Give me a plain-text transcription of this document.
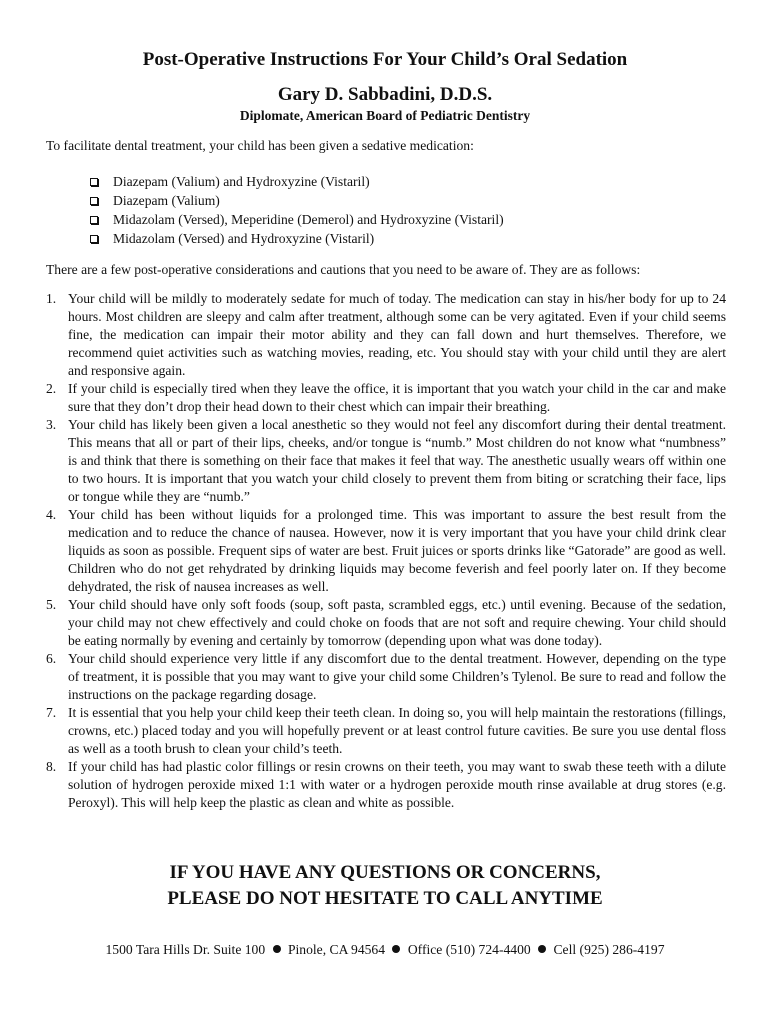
Post-Operative Instructions For Your Child’s Oral Sedation
Gary D. Sabbadini, D.D.S.
Diplomate, American Board of Pediatric Dentistry

To facilitate dental treatment, your child has been given a sedative medication:

Diazepam (Valium) and Hydroxyzine (Vistaril)
Diazepam (Valium)
Midazolam (Versed), Meperidine (Demerol) and Hydroxyzine (Vistaril)
Midazolam (Versed) and Hydroxyzine (Vistaril)

There are a few post-operative considerations and cautions that you need to be aware of. They are as follows:

1. Your child will be mildly to moderately sedate for much of today. The medication can stay in his/her body for up to 24 hours. Most children are sleepy and calm after treatment, although some can be very agitated. Even if your child seems fine, the medication can impair their motor ability and they can fall down and hurt themselves. Therefore, we recommend quiet activities such as watching movies, reading, etc. You should stay with your child until they are alert and responsive again.
2. If your child is especially tired when they leave the office, it is important that you watch your child in the car and make sure that they don’t drop their head down to their chest which can impair their breathing.
3. Your child has likely been given a local anesthetic so they would not feel any discomfort during their dental treatment. This means that all or part of their lips, cheeks, and/or tongue is “numb.” Most children do not know what “numbness” is and think that there is something on their face that makes it feel that way. The anesthetic usually wears off within one to two hours. It is important that you watch your child closely to prevent them from biting or scratching their face, lips or tongue while they are “numb.”
4. Your child has been without liquids for a prolonged time. This was important to assure the best result from the medication and to reduce the chance of nausea. However, now it is very important that you have your child drink clear liquids as soon as possible. Frequent sips of water are best. Fruit juices or sports drinks like “Gatorade” are good as well. Children who do not get rehydrated by drinking liquids may become feverish and feel poorly later on. If they become dehydrated, the risk of nausea increases as well.
5. Your child should have only soft foods (soup, soft pasta, scrambled eggs, etc.) until evening. Because of the sedation, your child may not chew effectively and could choke on foods that are not soft and require chewing. Your child should be eating normally by evening and certainly by tomorrow (depending upon what was done today).
6. Your child should experience very little if any discomfort due to the dental treatment. However, depending on the type of treatment, it is possible that you may want to give your child some Children’s Tylenol. Be sure to read and follow the instructions on the package regarding dosage.
7. It is essential that you help your child keep their teeth clean. In doing so, you will help maintain the restorations (fillings, crowns, etc.) placed today and you will hopefully prevent or at least control future cavities. Be sure you use dental floss as well as a tooth brush to clean your child’s teeth.
8. If your child has had plastic color fillings or resin crowns on their teeth, you may want to swab these teeth with a dilute solution of hydrogen peroxide mixed 1:1 with water or a hydrogen peroxide mouth rinse available at drug stores (e.g. Peroxyl). This will help keep the plastic as clean and white as possible.

IF YOU HAVE ANY QUESTIONS OR CONCERNS,
PLEASE DO NOT HESITATE TO CALL ANYTIME

1500 Tara Hills Dr. Suite 100 Pinole, CA 94564 Office (510) 724-4400 Cell (925) 286-4197
